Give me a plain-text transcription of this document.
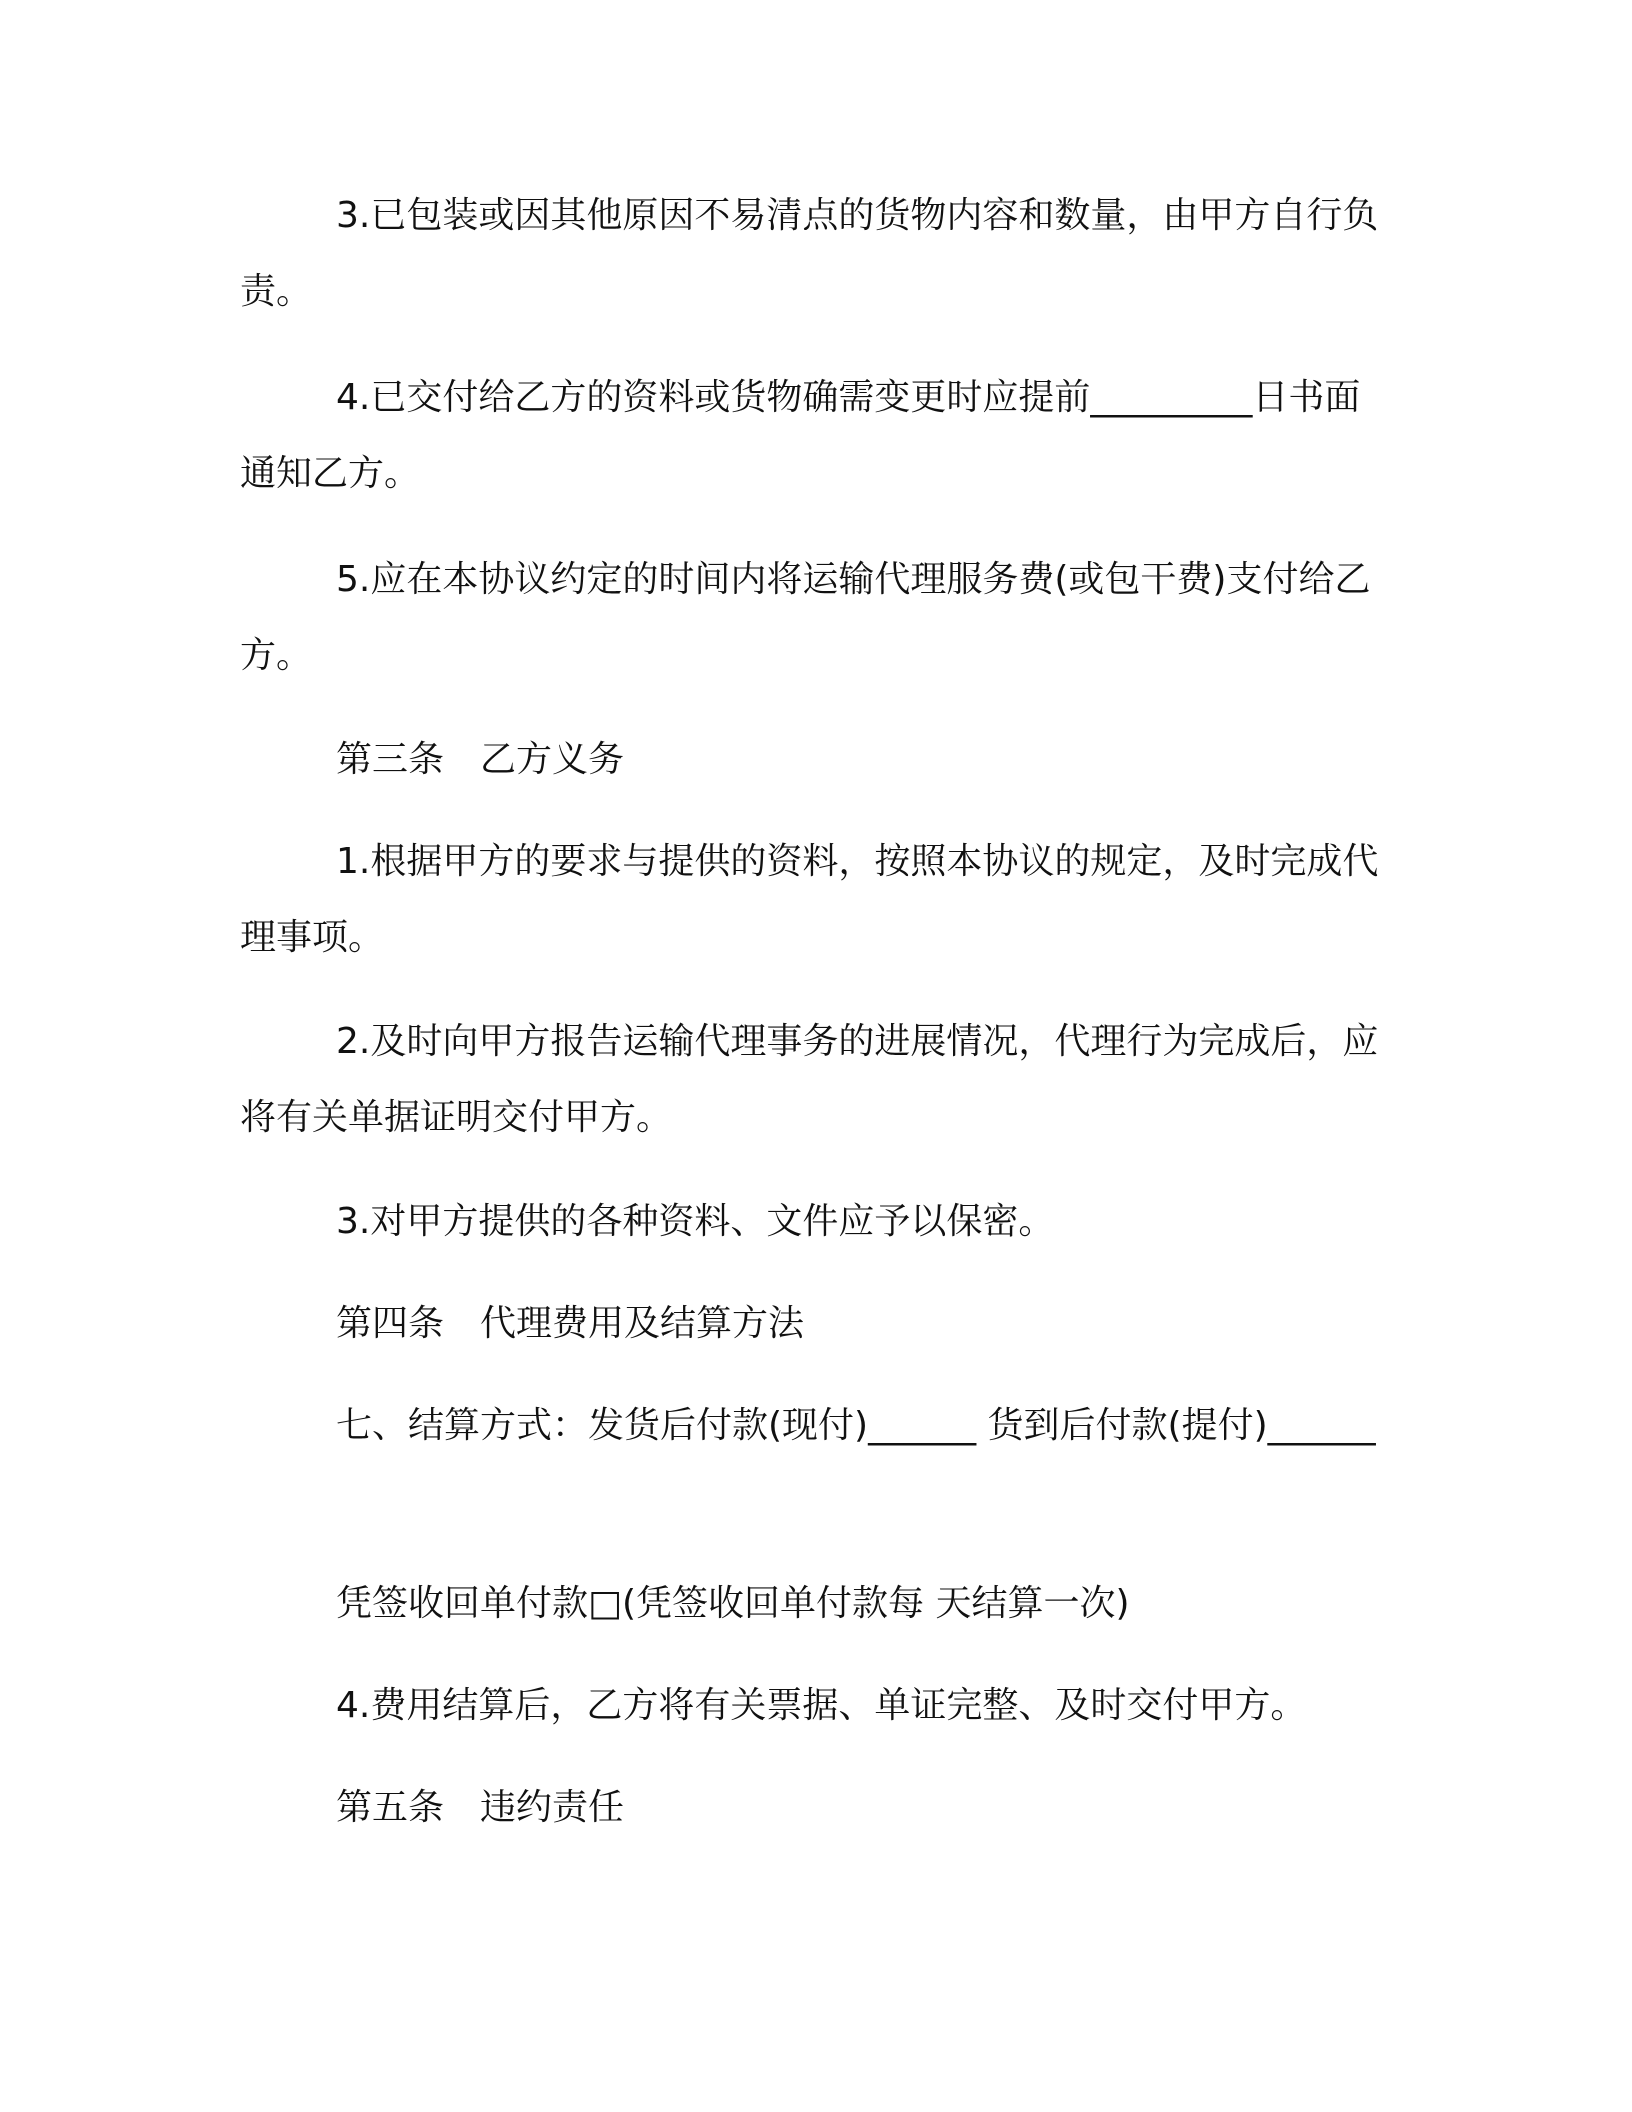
3.已包装或因其他原因不易清点的货物内容和数量，由甲方自行负责。

4.已交付给乙方的资料或货物确需变更时应提前_________日书面通知乙方。

5.应在本协议约定的时间内将运输代理服务费(或包干费)支付给乙方。

第三条　乙方义务

1.根据甲方的要求与提供的资料，按照本协议的规定，及时完成代理事项。

2.及时向甲方报告运输代理事务的进展情况，代理行为完成后，应将有关单据证明交付甲方。

3.对甲方提供的各种资料、文件应予以保密。

第四条　代理费用及结算方法

七、结算方式：发货后付款(现付)______ 货到后付款(提付)______

凭签收回单付款□(凭签收回单付款每 天结算一次)

4.费用结算后，乙方将有关票据、单证完整、及时交付甲方。

第五条　违约责任
